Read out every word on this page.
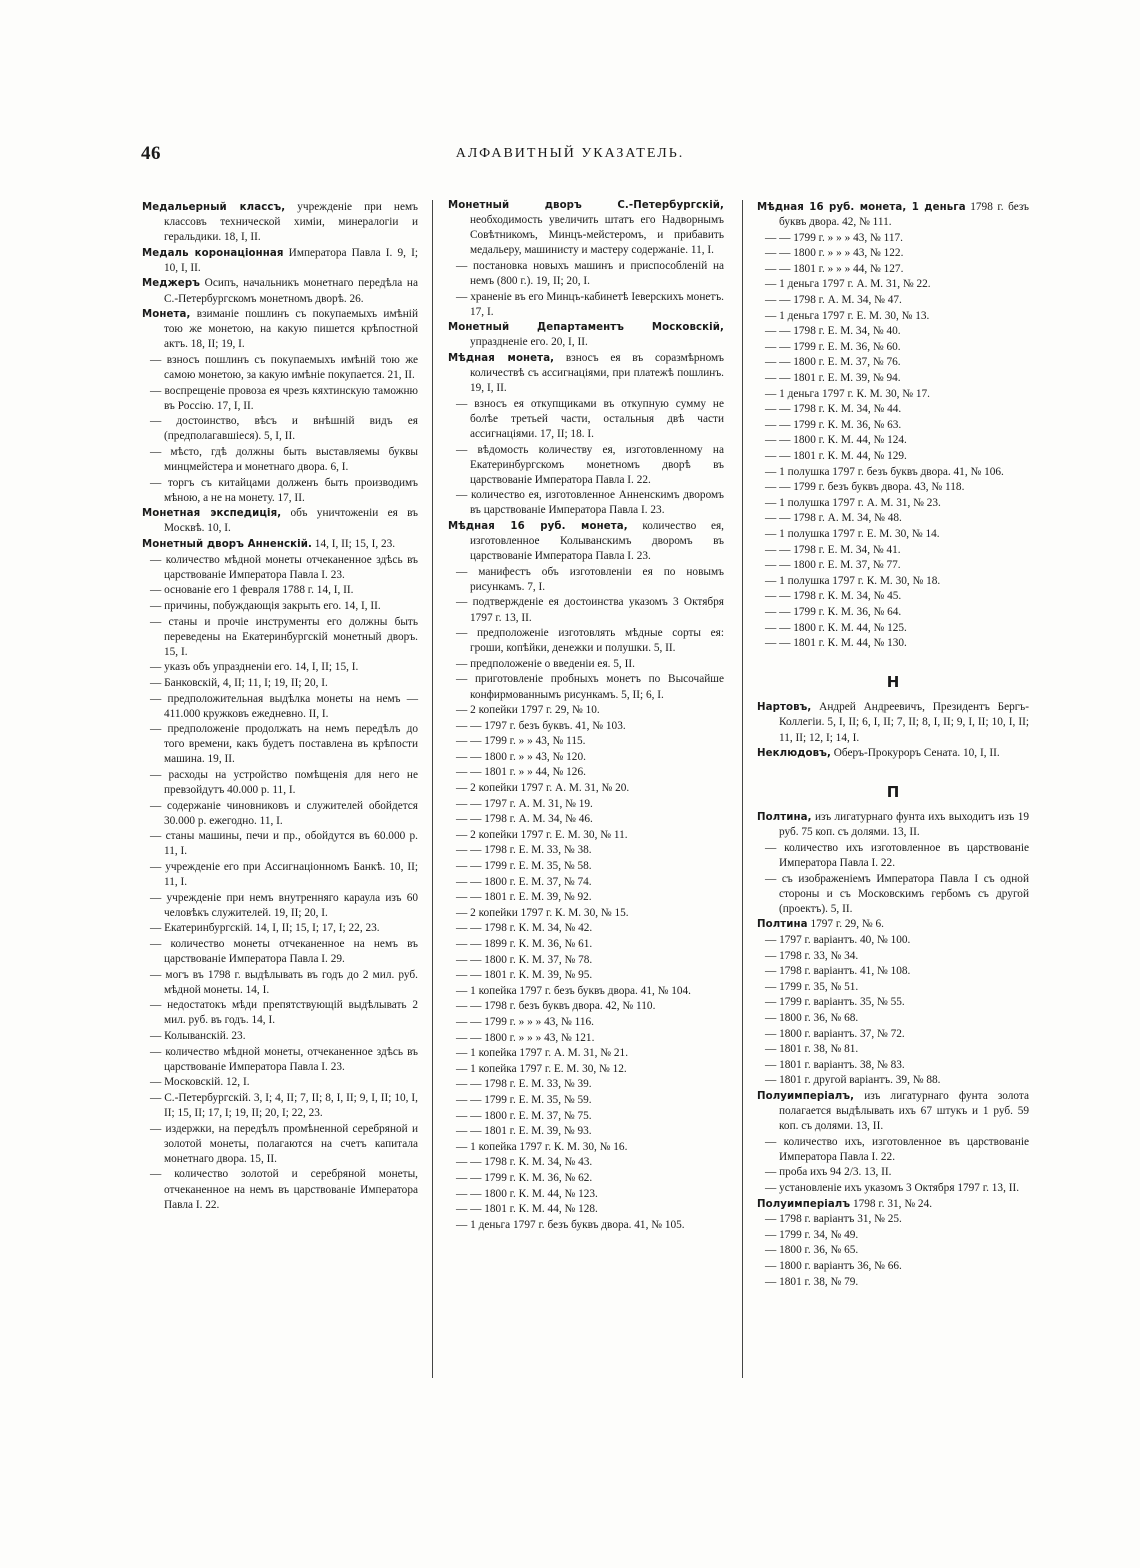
46	АЛФАВИТНЫЙ УКАЗАТЕЛЬ.
Медальерный классъ, учрежденіе при немъ классовъ технической химіи, минералогіи и геральдики. 18, I, II.
Медаль коронаціонная Императора Павла I. 9, I; 10, I, II.
Меджеръ Осипъ, начальникъ монетнаго передѣла на С.-Петербургскомъ монетномъ дворѣ. 26.
Монета, взиманіе пошлинъ съ покупаемыхъ имѣній тою же монетою, на какую пишется крѣпостной актъ. 18, II; 19, I.
— взносъ пошлинъ съ покупаемыхъ имѣній тою же самою монетою, за какую имѣніе покупается. 21, II.
— воспрещеніе провоза ея чрезъ кяхтинскую таможню въ Россію. 17, I, II.
— достоинство, вѣсъ и внѣшній видъ ея (предполагавшіеся). 5, I, II.
— мѣсто, гдѣ должны быть выставляемы буквы минцмейстера и монетнаго двора. 6, I.
— торгъ съ китайцами долженъ быть производимъ мѣною, а не на монету. 17, II.
Монетная экспедиція, объ уничтоженіи ея въ Москвѣ. 10, I.
Монетный дворъ Анненскій. 14, I, II; 15, I, 23.
— количество мѣдной монеты отчеканенное здѣсь въ царствованіе Императора Павла I. 23.
— основаніе его 1 февраля 1788 г. 14, I, II.
— причины, побуждающія закрыть его. 14, I, II.
— станы и прочіе инструменты его должны быть переведены на Екатеринбургскій монетный дворъ. 15, I.
— указъ объ упраздненіи его. 14, I, II; 15, I.
— Банковскій, 4, II; 11, I; 19, II; 20, I.
— предположительная выдѣлка монеты на немъ — 411.000 кружковъ ежедневно. II, I.
— предположеніе продолжать на немъ передѣлъ до того времени, какъ будетъ поставлена въ крѣпости машина. 19, II.
— расходы на устройство помѣщенія для него не превзойдутъ 40.000 р. 11, I.
— содержаніе чиновниковъ и служителей обойдется 30.000 р. ежегодно. 11, I.
— станы машины, печи и пр., обойдутся въ 60.000 р. 11, I.
— учрежденіе его при Ассигнаціонномъ Банкѣ. 10, II; 11, I.
— учрежденіе при немъ внутренняго караула изъ 60 человѣкъ служителей. 19, II; 20, I.
— Екатеринбургскій. 14, I, II; 15, I; 17, I; 22, 23.
— количество монеты отчеканенное на немъ въ царствованіе Императора Павла I. 29.
— могъ въ 1798 г. выдѣлывать въ годъ до 2 мил. руб. мѣдной монеты. 14, I.
— недостатокъ мѣди препятствующій выдѣлывать 2 мил. руб. въ годъ. 14, I.
— Колыванскій. 23.
— количество мѣдной монеты, отчеканенное здѣсь въ царствованіе Императора Павла I. 23.
— Московскій. 12, I.
— С.-Петербургскій. 3, I; 4, II; 7, II; 8, I, II; 9, I, II; 10, I, II; 15, II; 17, I; 19, II; 20, I; 22, 23.
— издержки, на передѣлъ промѣненной серебряной и золотой монеты, полагаются на счетъ капитала монетнаго двора. 15, II.
— количество золотой и серебряной монеты, отчеканенное на немъ въ царствованіе Императора Павла I. 22.
Монетный дворъ С.-Петербургскій, необходимость увеличить штатъ его Надворнымъ Совѣтникомъ, Минцъ-мейстеромъ, и прибавить медальеру, машинисту и мастеру содержаніе. 11, I.
— постановка новыхъ машинъ и приспособленій на немъ (800 г.). 19, II; 20, I.
— храненіе въ его Минцъ-кабинетѣ Іеверскихъ монетъ. 17, I.
Монетный Департаментъ Московскій, упраздненіе его. 20, I, II.
Мѣдная монета, взносъ ея въ соразмѣрномъ количествѣ съ ассигнаціями, при платежѣ пошлинъ. 19, I, II.
— взносъ ея откупщиками въ откупную сумму не болѣе третьей части, остальныя двѣ части ассигнаціями. 17, II; 18. I.
— вѣдомость количеству ея, изготовленному на Екатеринбургскомъ монетномъ дворѣ въ царствованіе Императора Павла I. 22.
— количество ея, изготовленное Анненскимъ дворомъ въ царствованіе Императора Павла I. 23.
Мѣдная 16 руб. монета, количество ея, изготовленное Колыванскимъ дворомъ въ царствованіе Императора Павла I. 23.
— манифестъ объ изготовленіи ея по новымъ рисункамъ. 7, I.
— подтвержденіе ея достоинства указомъ 3 Октября 1797 г. 13, II.
— предположеніе изготовлять мѣдные сорты ея: гроши, копѣйки, денежки и полушки. 5, II.
— предположеніе о введеніи ея. 5, II.
— приготовленіе пробныхъ монетъ по Высочайше конфирмованнымъ рисункамъ. 5, II; 6, I.
— 2 копейки 1797 г. 29, № 10.
— — 1797 г. безъ буквъ. 41, № 103.
— — 1799 г. » » 43, № 115.
— — 1800 г. » » 43, № 120.
— — 1801 г. » » 44, № 126.
— 2 копейки 1797 г. А. М. 31, № 20.
— — 1797 г. А. М. 31, № 19.
— — 1798 г. А. М. 34, № 46.
— 2 копейки 1797 г. Е. М. 30, № 11.
— — 1798 г. Е. М. 33, № 38.
— — 1799 г. Е. М. 35, № 58.
— — 1800 г. Е. М. 37, № 74.
— — 1801 г. Е. М. 39, № 92.
— 2 копейки 1797 г. К. М. 30, № 15.
— — 1798 г. К. М. 34, № 42.
— — 1899 г. К. М. 36, № 61.
— — 1800 г. К. М. 37, № 78.
— — 1801 г. К. М. 39, № 95.
— 1 копейка 1797 г. безъ буквъ двора. 41, № 104.
— — 1798 г. безъ буквъ двора. 42, № 110.
— — 1799 г. » » » 43, № 116.
— — 1800 г. » » » 43, № 121.
— 1 копейка 1797 г. А. М. 31, № 21.
— 1 копейка 1797 г. Е. М. 30, № 12.
— — 1798 г. Е. М. 33, № 39.
— — 1799 г. Е. М. 35, № 59.
— — 1800 г. Е. М. 37, № 75.
— — 1801 г. Е. М. 39, № 93.
— 1 копейка 1797 г. К. М. 30, № 16.
— — 1798 г. К. М. 34, № 43.
— — 1799 г. К. М. 36, № 62.
— — 1800 г. К. М. 44, № 123.
— — 1801 г. К. М. 44, № 128.
— 1 деньга 1797 г. безъ буквъ двора. 41, № 105.
Мѣдная 16 руб. монета, 1 деньга 1798 г. безъ буквъ двора. 42, № 111.
— — 1799 г. » » » 43, № 117.
— — 1800 г. » » » 43, № 122.
— — 1801 г. » » » 44, № 127.
— 1 деньга 1797 г. А. М. 31, № 22.
— — 1798 г. А. М. 34, № 47.
— 1 деньга 1797 г. Е. М. 30, № 13.
— — 1798 г. Е. М. 34, № 40.
— — 1799 г. Е. М. 36, № 60.
— — 1800 г. Е. М. 37, № 76.
— — 1801 г. Е. М. 39, № 94.
— 1 деньга 1797 г. К. М. 30, № 17.
— — 1798 г. К. М. 34, № 44.
— — 1799 г. К. М. 36, № 63.
— — 1800 г. К. М. 44, № 124.
— — 1801 г. К. М. 44, № 129.
— 1 полушка 1797 г. безъ буквъ двора. 41, № 106.
— — 1799 г. безъ буквъ двора. 43, № 118.
— 1 полушка 1797 г. А. М. 31, № 23.
— — 1798 г. А. М. 34, № 48.
— 1 полушка 1797 г. Е. М. 30, № 14.
— — 1798 г. Е. М. 34, № 41.
— — 1800 г. Е. М. 37, № 77.
— 1 полушка 1797 г. К. М. 30, № 18.
— — 1798 г. К. М. 34, № 45.
— — 1799 г. К. М. 36, № 64.
— — 1800 г. К. М. 44, № 125.
— — 1801 г. К. М. 44, № 130.
Н
Нартовъ, Андрей Андреевичъ, Президентъ Бергъ-Коллегіи. 5, I, II; 6, I, II; 7, II; 8, I, II; 9, I, II; 10, I, II; 11, II; 12, I; 14, I.
Неклюдовъ, Оберъ-Прокуроръ Сената. 10, I, II.
П
Полтина, изъ лигатурнаго фунта ихъ выходитъ изъ 19 руб. 75 коп. съ долями. 13, II.
— количество ихъ изготовленное въ царствованіе Императора Павла I. 22.
— съ изображеніемъ Императора Павла I съ одной стороны и съ Московскимъ гербомъ съ другой (проектъ). 5, II.
Полтина 1797 г. 29, № 6.
— 1797 г. варіантъ. 40, № 100.
— 1798 г. 33, № 34.
— 1798 г. варіантъ. 41, № 108.
— 1799 г. 35, № 51.
— 1799 г. варіантъ. 35, № 55.
— 1800 г. 36, № 68.
— 1800 г. варіантъ. 37, № 72.
— 1801 г. 38, № 81.
— 1801 г. варіантъ. 38, № 83.
— 1801 г. другой варіантъ. 39, № 88.
Полуимперіалъ, изъ лигатурнаго фунта золота полагается выдѣлывать ихъ 67 штукъ и 1 руб. 59 коп. съ долями. 13, II.
— количество ихъ, изготовленное въ царствованіе Императора Павла I. 22.
— проба ихъ 94 2/3. 13, II.
— установленіе ихъ указомъ 3 Октября 1797 г. 13, II.
Полуимперіалъ 1798 г. 31, № 24.
— 1798 г. варіантъ 31, № 25.
— 1799 г. 34, № 49.
— 1800 г. 36, № 65.
— 1800 г. варіантъ 36, № 66.
— 1801 г. 38, № 79.
